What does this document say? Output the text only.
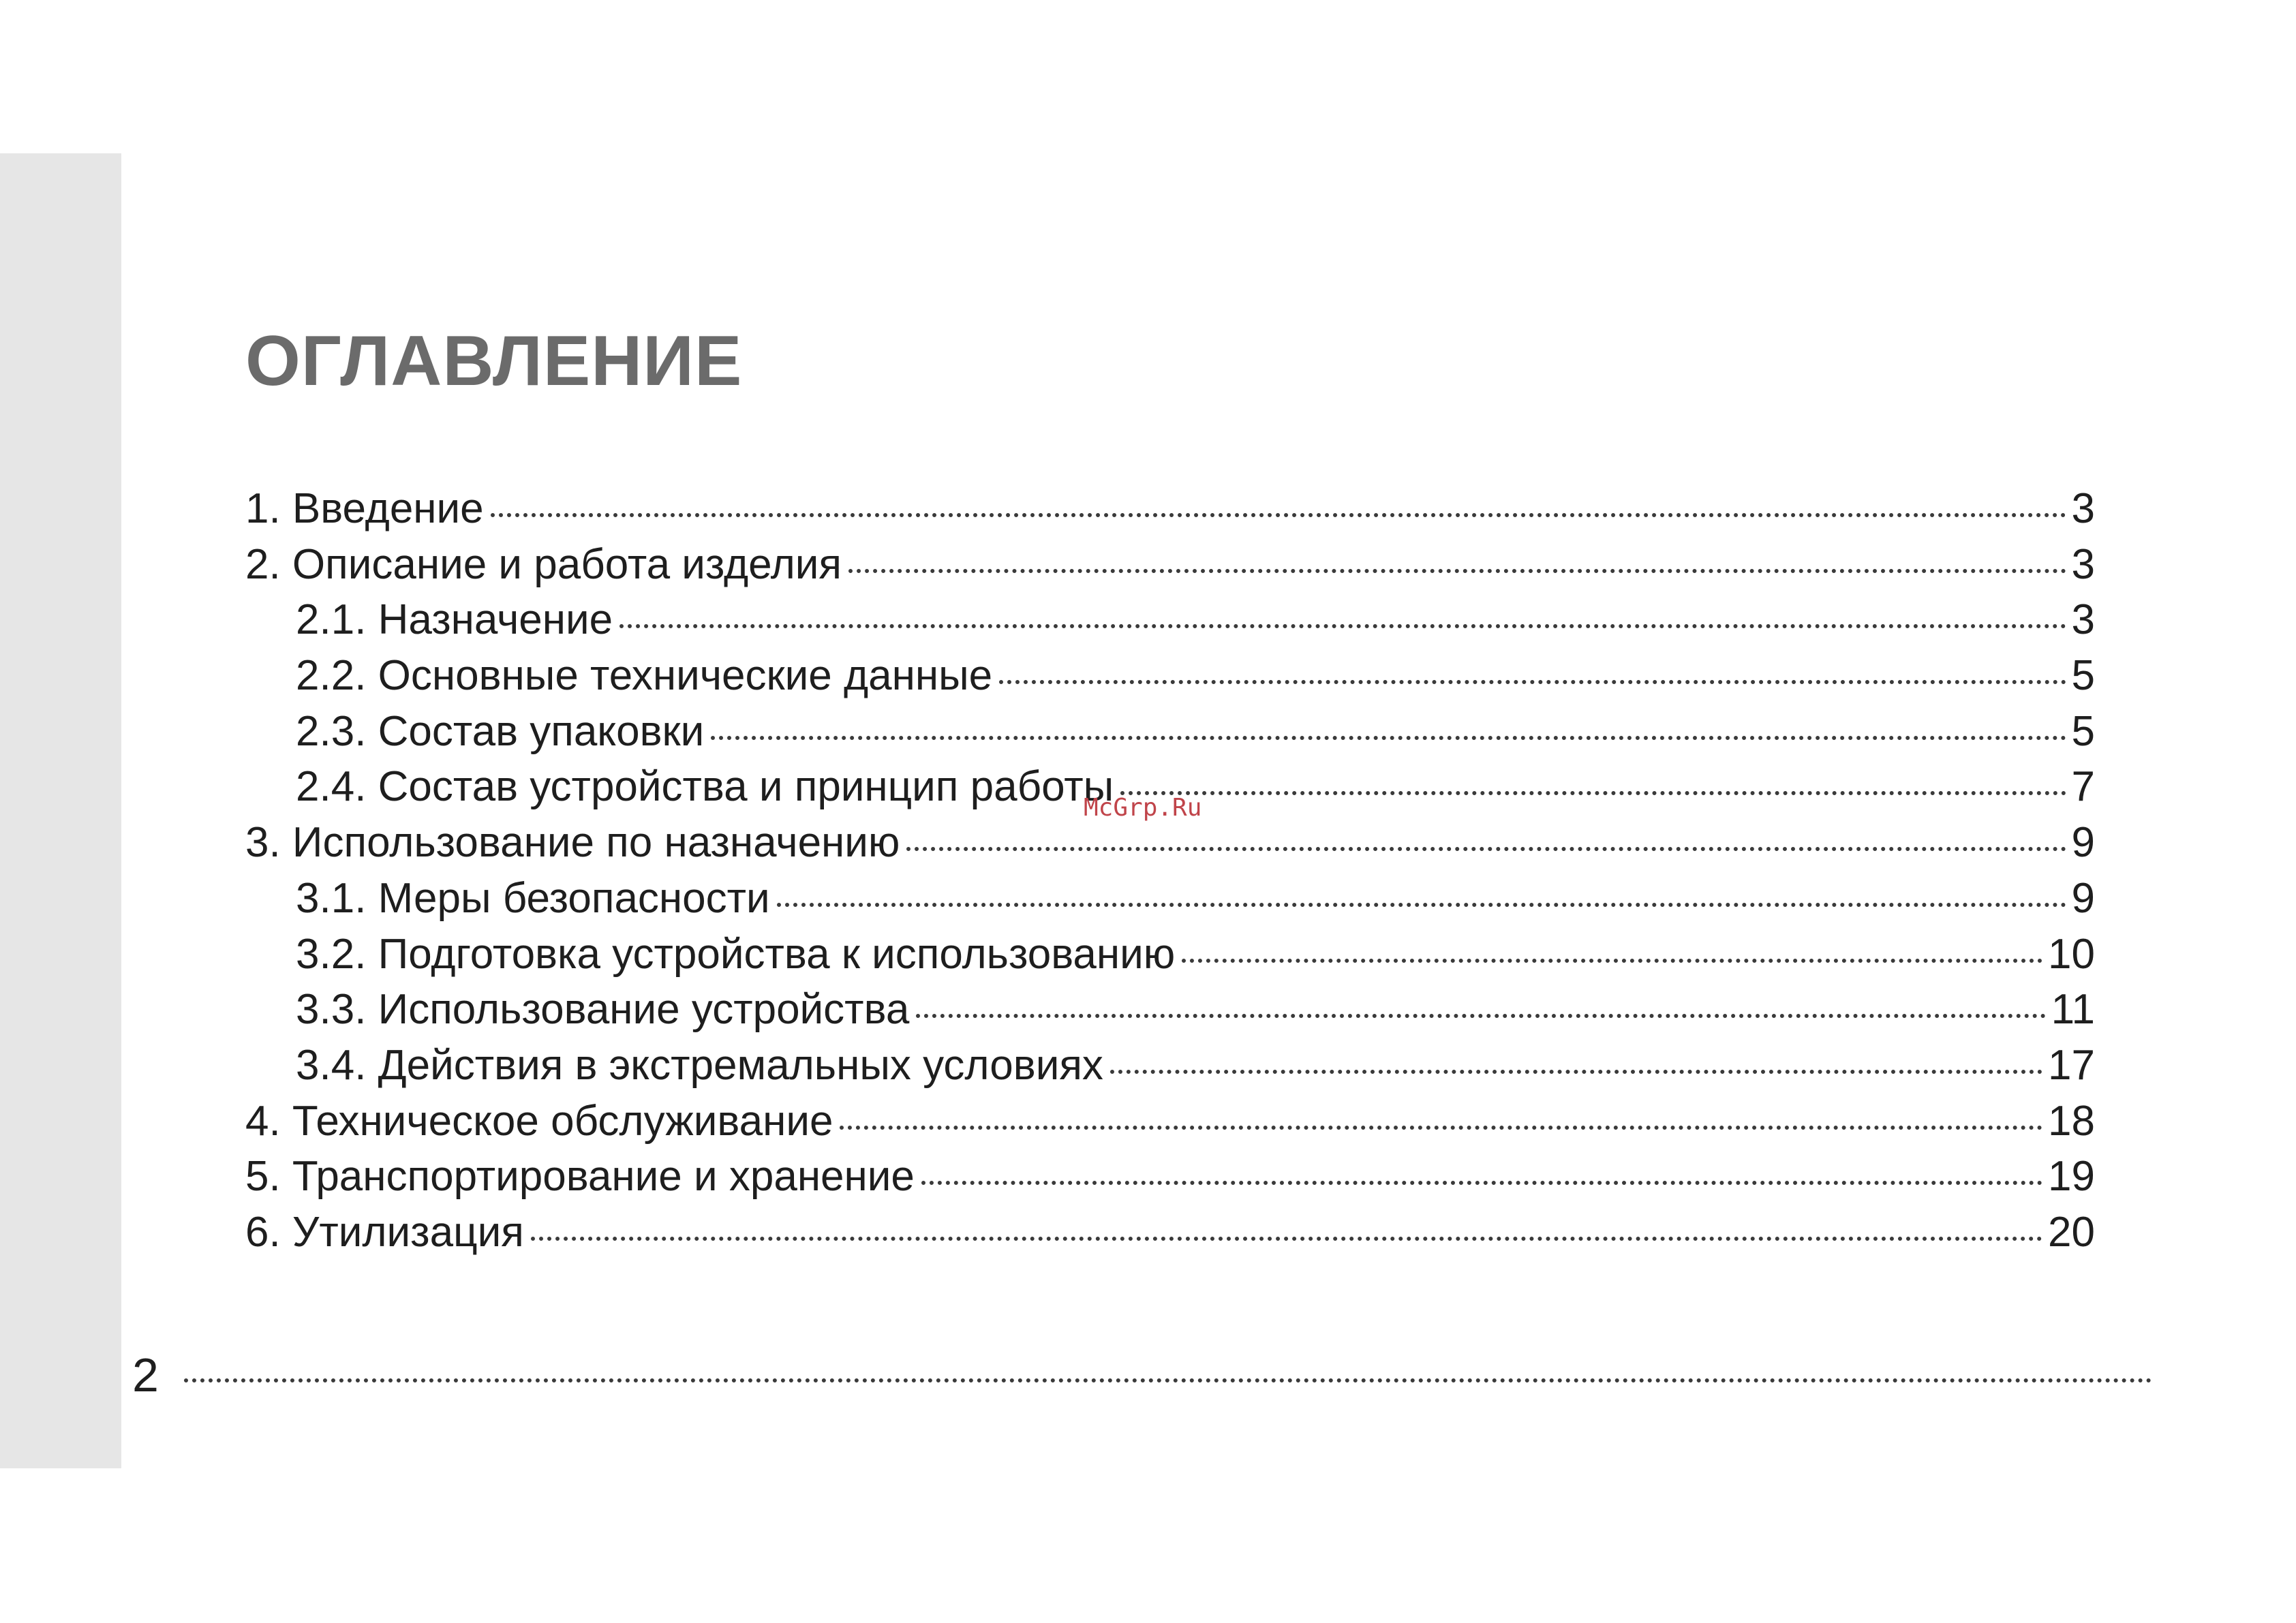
ОГЛАВЛЕНИЕ
1. Введение	3
2. Описание и работа изделия	3
2.1. Назначение	3
2.2. Основные технические данные	5
2.3. Состав упаковки	5
2.4. Состав устройства и принцип работы	7
3. Использование по назначению	9
3.1. Меры безопасности	9
3.2. Подготовка устройства к использованию	10
3.3. Использование устройства	11
3.4. Действия в экстремальных условиях	17
4. Техническое обслуживание	18
5. Транспортирование и хранение	19
6. Утилизация	20
McGrp.Ru
2
